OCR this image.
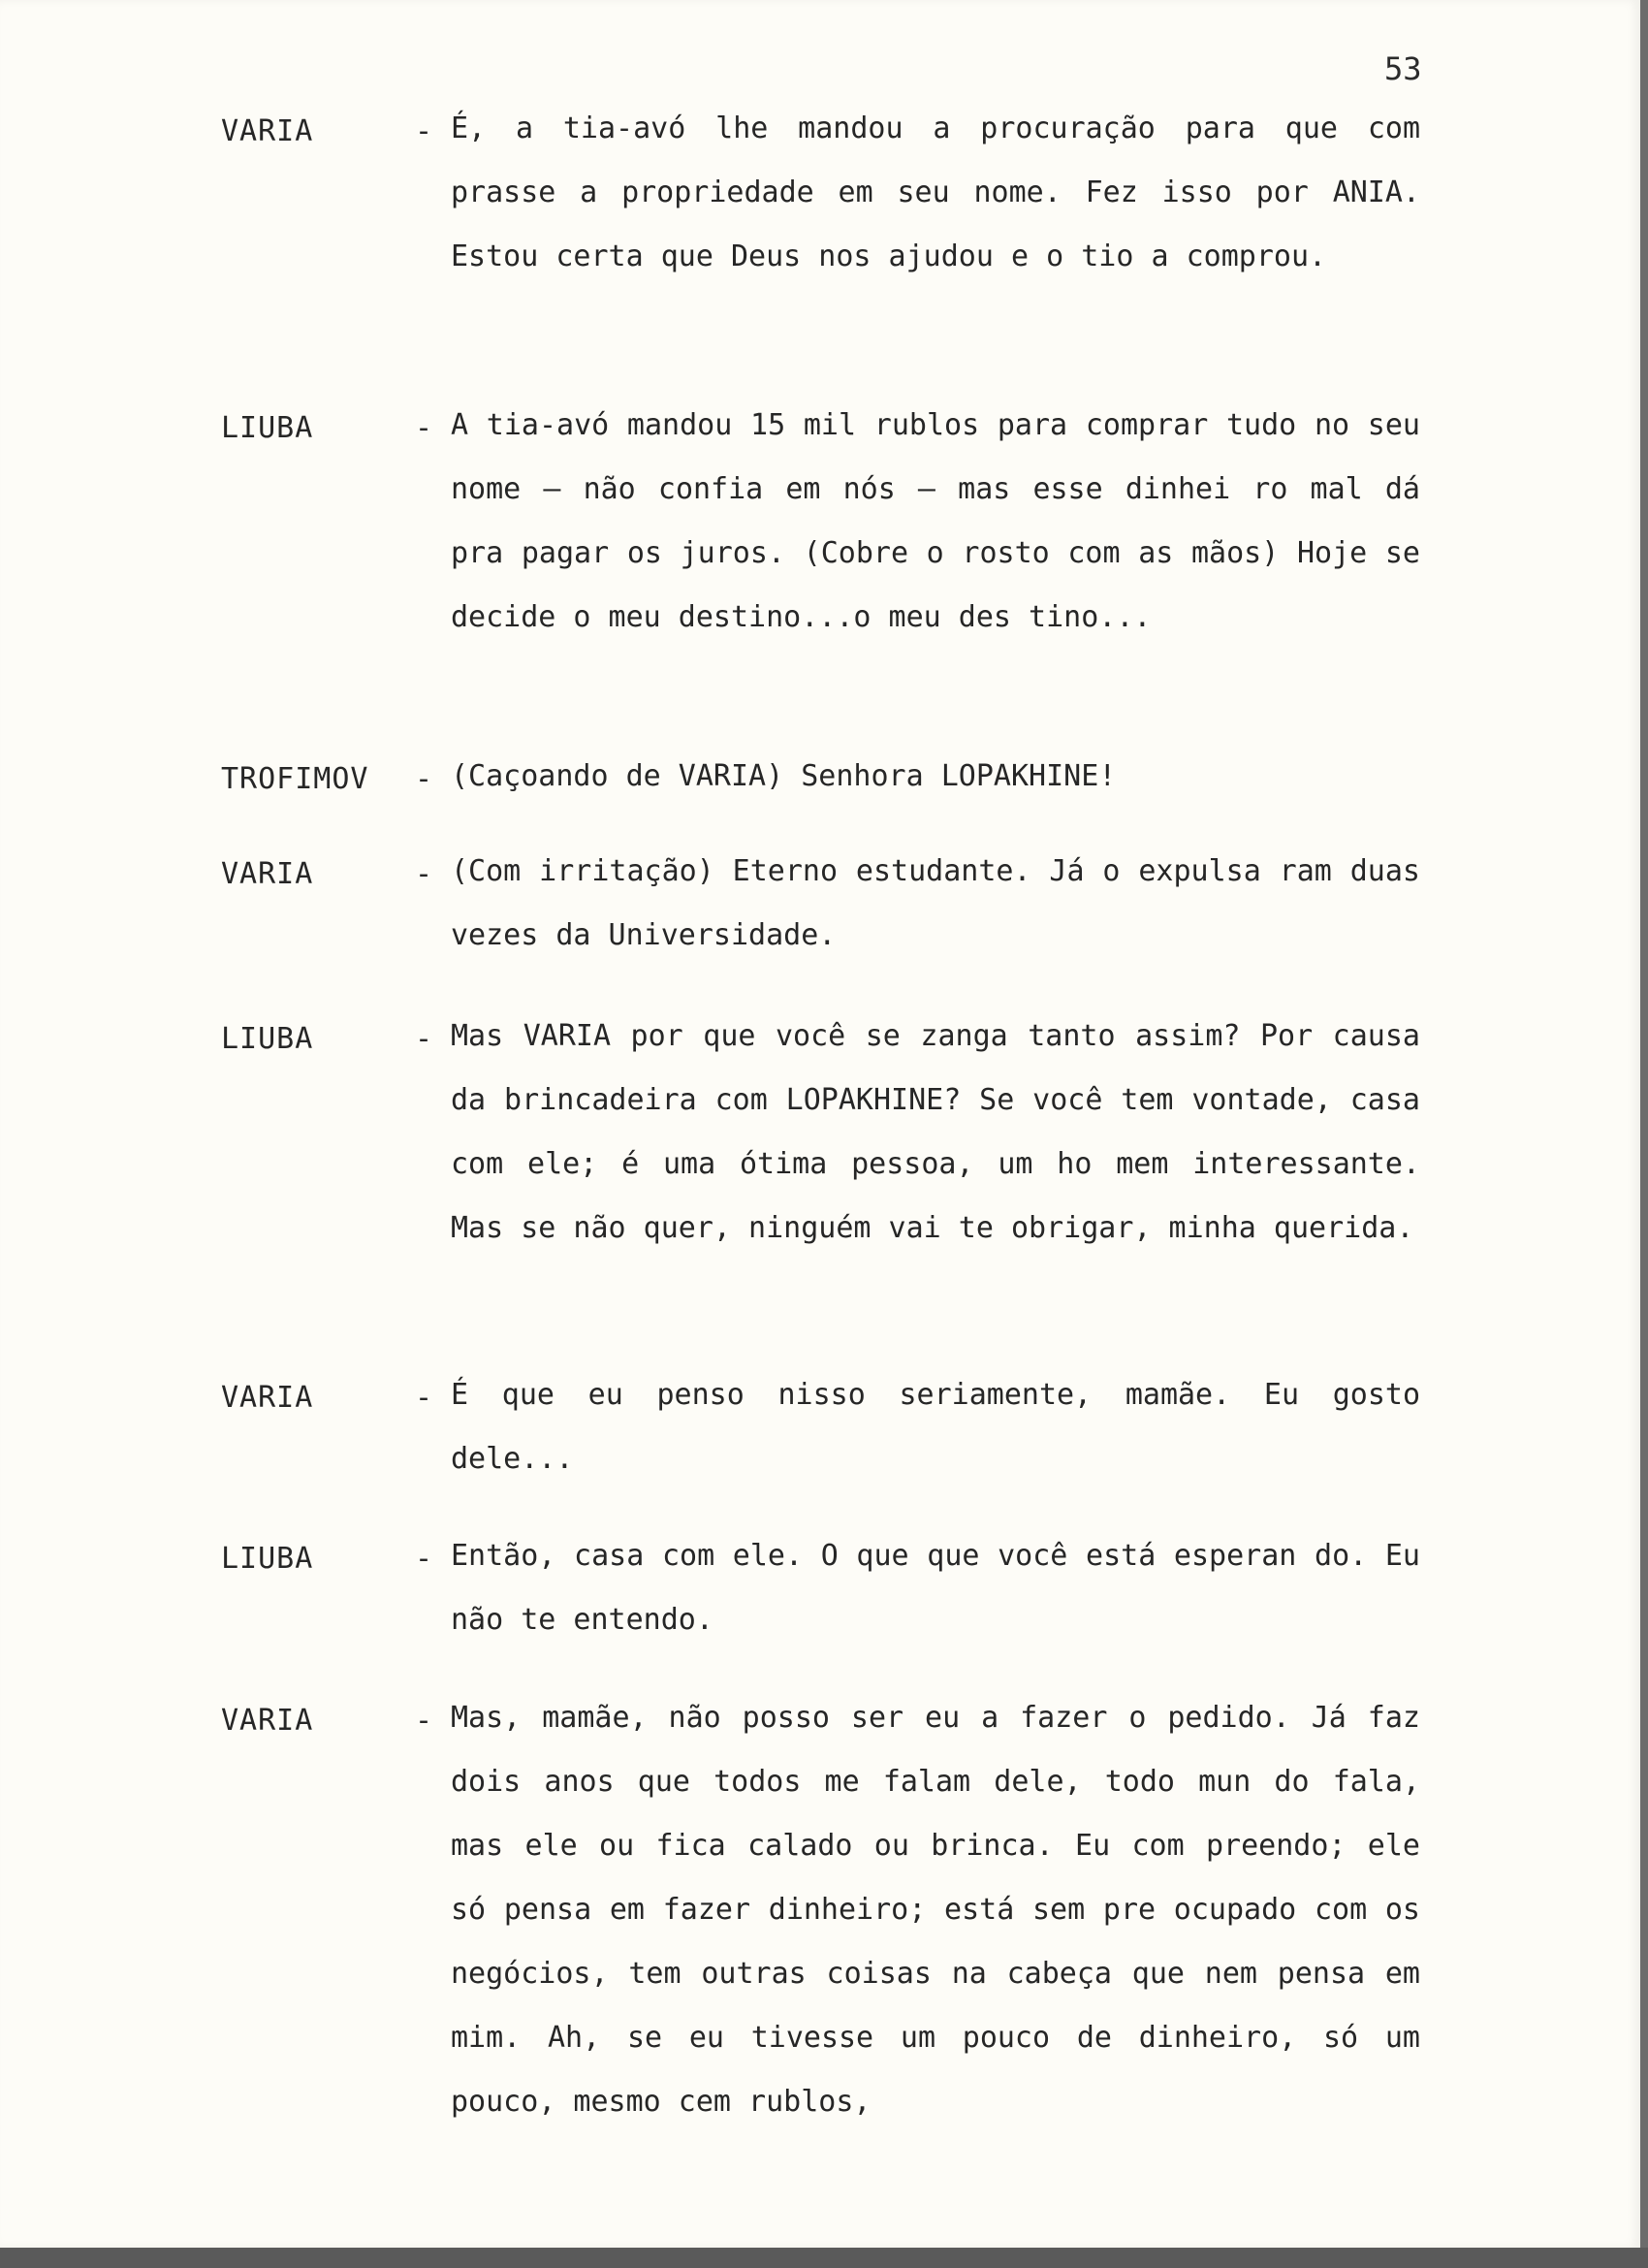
53
VARIA	- É, a tia-avó lhe mandou a procuração para que com prasse a propriedade em seu nome. Fez isso por ANIA. Estou certa que Deus nos ajudou e o tio a comprou.
LIUBA	- A tia-avó mandou 15 mil rublos para comprar tudo no seu nome — não confia em nós — mas esse dinhei ro mal dá pra pagar os juros. (Cobre o rosto com as mãos) Hoje se decide o meu destino...o meu des tino...
TROFIMOV - (Caçoando de VARIA) Senhora LOPAKHINE!
VARIA	- (Com irritação) Eterno estudante. Já o expulsa ram duas vezes da Universidade.
LIUBA	- Mas VARIA por que você se zanga tanto assim? Por causa da brincadeira com LOPAKHINE? Se você tem vontade, casa com ele; é uma ótima pessoa, um ho mem interessante. Mas se não quer, ninguém vai te obrigar, minha querida.
VARIA	- É que eu penso nisso seriamente, mamãe. Eu gosto dele...
LIUBA	- Então, casa com ele. O que que você está esperan do. Eu não te entendo.
VARIA	- Mas, mamãe, não posso ser eu a fazer o pedido. Já faz dois anos que todos me falam dele, todo mun do fala, mas ele ou fica calado ou brinca. Eu com preendo; ele só pensa em fazer dinheiro; está sem pre ocupado com os negócios, tem outras coisas na cabeça que nem pensa em mim. Ah, se eu tivesse um pouco de dinheiro, só um pouco, mesmo cem rublos,
